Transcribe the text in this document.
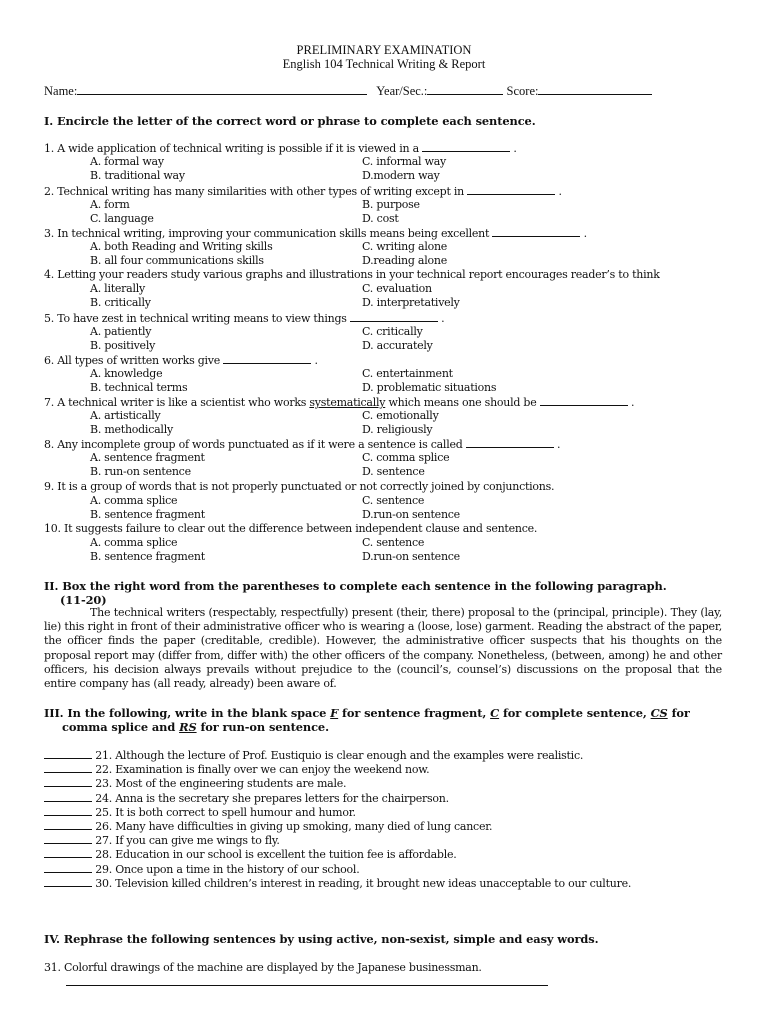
PRELIMINARY EXAMINATION
English 104 Technical Writing & Report
Name:	Year/Sec.:	Score:
I. Encircle the letter of the correct word or phrase to complete each sentence.
1. A wide application of technical writing is possible if it is viewed in a	.
A. formal way	C. informal way
B. traditional way	D.modern way
2. Technical writing has many similarities with other types of writing except in	.
A. form	B. purpose
C. language	D. cost
3. In technical writing, improving your communication skills means being excellent	.
A. both Reading and Writing skills	C. writing alone
B. all four communications skills	D.reading alone
4. Letting your readers study various graphs and illustrations in your technical report encourages reader’s to think
A. literally	C. evaluation
B. critically	D. interpretatively
5. To have zest in technical writing means to view things	.
A. patiently	C. critically
B. positively	D. accurately
6. All types of written works give	.
A. knowledge	C. entertainment
B. technical terms	D. problematic situations
7. A technical writer is like a scientist who works systematically which means one should be	.
A. artistically	C. emotionally
B. methodically	D. religiously
8. Any incomplete group of words punctuated as if it were a sentence is called	.
A. sentence fragment	C. comma splice
B. run-on sentence	D. sentence
9. It is a group of words that is not properly punctuated or not correctly joined by conjunctions.
A. comma splice	C. sentence
B. sentence fragment	D.run-on sentence
10. It suggests failure to clear out the difference between independent clause and sentence.
A. comma splice	C. sentence
B. sentence fragment	D.run-on sentence
II. Box the right word from the parentheses to complete each sentence in the following paragraph.
(11-20)
The technical writers (respectably, respectfully) present (their, there) proposal to the (principal, principle). They (lay, lie) this right in front of their administrative officer who is wearing a (loose, lose) garment. Reading the abstract of the paper, the officer finds the paper (creditable, credible). However, the administrative officer suspects that his thoughts on the proposal report may (differ from, differ with) the other officers of the company. Nonetheless, (between, among) he and other officers, his decision always prevails without prejudice to the (council’s, counsel’s) discussions on the proposal that the entire company has (all ready, already) been aware of.
III. In the following, write in the blank space F for sentence fragment, C for complete sentence, CS for
comma splice and RS for run-on sentence.
21. Although the lecture of Prof. Eustiquio is clear enough and the examples were realistic.
22. Examination is finally over we can enjoy the weekend now.
23. Most of the engineering students are male.
24. Anna is the secretary she prepares letters for the chairperson.
25. It is both correct to spell humour and humor.
26. Many have difficulties in giving up smoking, many died of lung cancer.
27. If you can give me wings to fly.
28. Education in our school is excellent the tuition fee is affordable.
29. Once upon a time in the history of our school.
30. Television killed children’s interest in reading, it brought new ideas unacceptable to our culture.
IV. Rephrase the following sentences by using active, non-sexist, simple and easy words.
31. Colorful drawings of the machine are displayed by the Japanese businessman.
